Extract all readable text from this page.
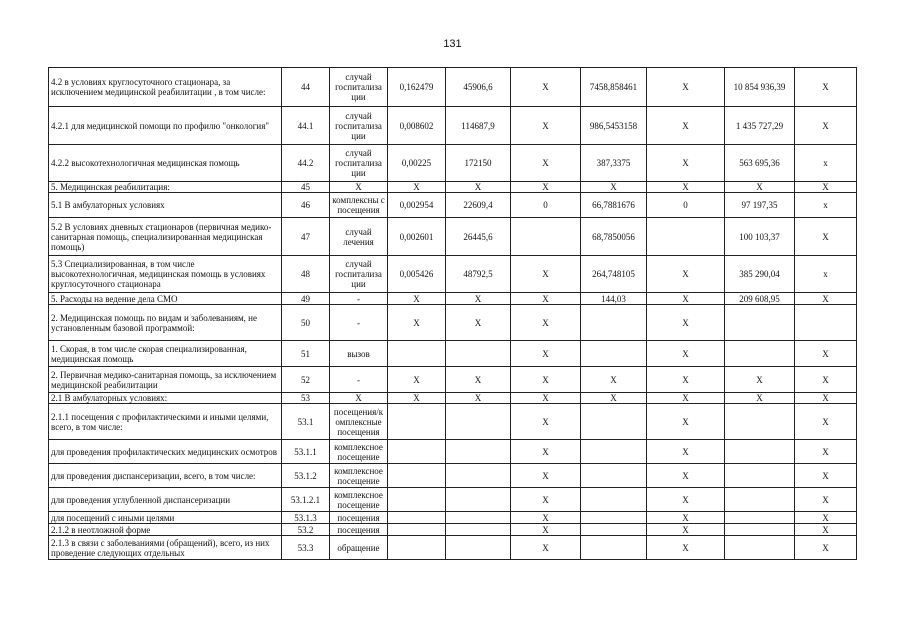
131
4.2 в условиях круглосуточного стационара, за исключением медицинской реабилитации , в том числе:	44	случай госпитализа ции	0,162479	45906,6	Х	7458,858461	Х	10 854 936,39	Х
4.2.1 для медицинской помощи по профилю "онкология"	44.1	случай госпитализа ции	0,008602	114687,9	Х	986,5453158	Х	1 435 727,29	Х
4.2.2 высокотехнологичная медицинская помощь	44.2	случай госпитализа ции	0,00225	172150	Х	387,3375	Х	563 695,36	х
5. Медицинская реабилитация:	45	Х	Х	Х	Х	Х	Х	Х	Х
5.1 В амбулаторных условиях	46	комплексны с посещения	0,002954	22609,4	0	66,7881676	0	97 197,35	х
5.2 В условиях дневных стационаров (первичная медико-санитарная помощь, специализированная медицинская помощь)	47	случай лечения	0,002601	26445,6		68,7850056		100 103,37	Х
5.3 Специализированная, в том числе высокотехнологичная, медицинская помощь в условиях круглосуточного стационара	48	случай госпитализа ции	0,005426	48792,5	Х	264,748105	Х	385 290,04	х
5. Расходы на ведение дела СМО	49	-	Х	Х	Х	144,03	Х	209 608,95	Х
2. Медицинская помощь по видам и заболеваниям, не установленным базовой программой:	50	-	Х	Х	Х		Х		
1. Скорая, в том числе скорая специализированная, медицинская помощь	51	вызов			Х		Х		Х
2. Первичная медико-санитарная помощь, за исключением медицинской реабилитации	52	-	Х	Х	Х	Х	Х	Х	Х
2.1 В амбулаторных условиях:	53	Х	Х	Х	Х	Х	Х	Х	Х
2.1.1 посещения с профилактическими и иными целями, всего, в том числе:	53.1	посещения/к омплексные посещения			Х		Х		Х
для проведения профилактических медицинских осмотров	53.1.1	комплексное посещение			Х		Х		Х
для проведения диспансеризации, всего, в том числе:	53.1.2	комплексное посещение			Х		Х		Х
для проведения углубленной диспансеризации	53.1.2.1	комплексное посещение			Х		Х		Х
для посещений с иными целями	53.1.3	посещения			Х		Х		Х
2.1.2 в неотложной форме	53.2	посещения			Х		Х		Х
2.1.3 в связи с заболеваниями (обращений), всего, из них проведение следующих отдельных	53.3	обращение			Х		Х		Х
